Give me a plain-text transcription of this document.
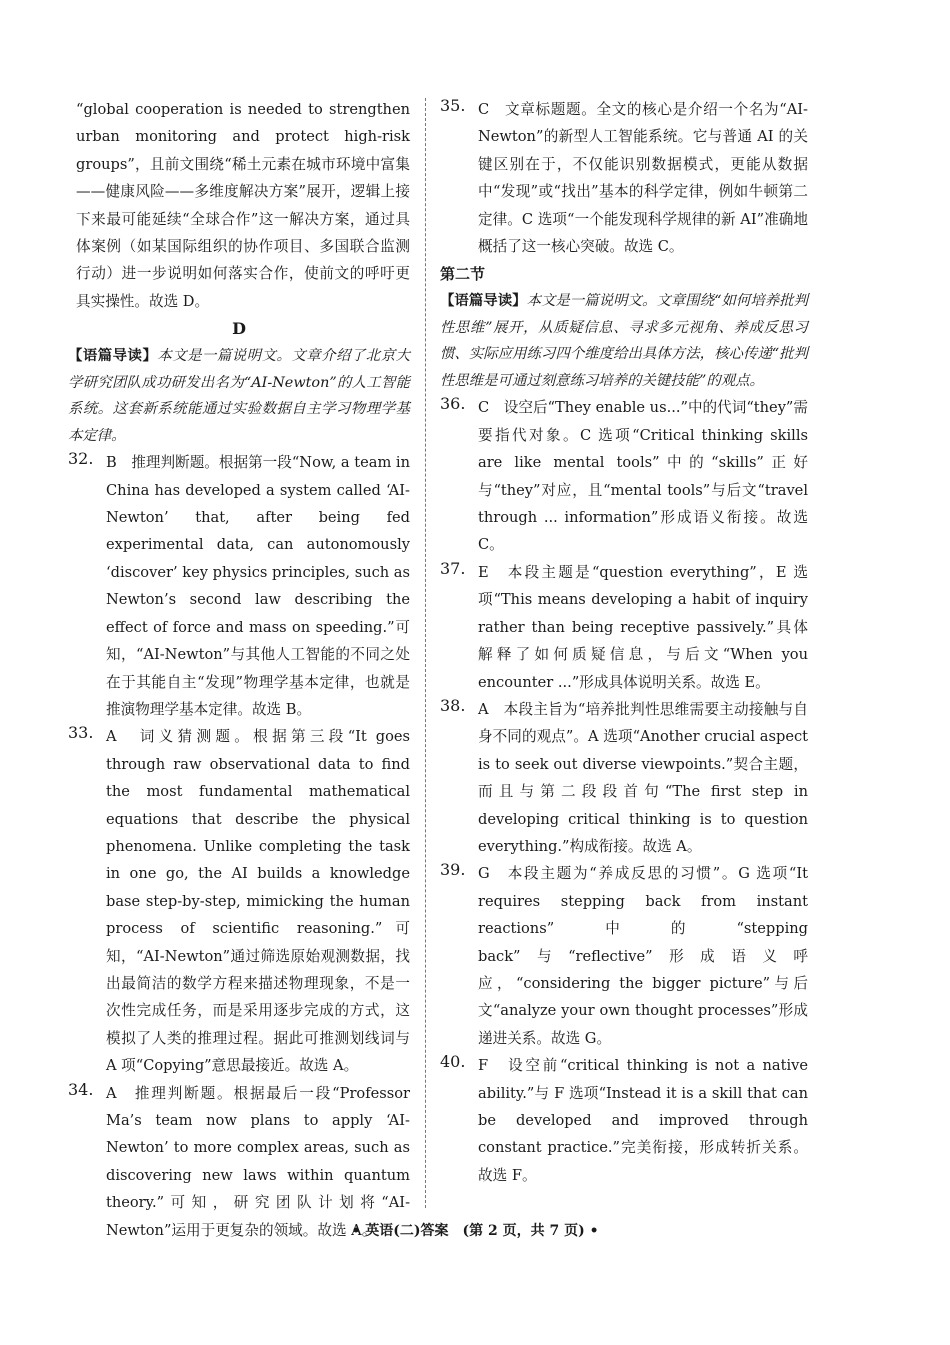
“global cooperation is needed to strengthen urban monitoring and protect high-risk groups”，且前文围绕“稀土元素在城市环境中富集——健康风险——多维度解决方案”展开，逻辑上接下来最可能延续“全球合作”这一解决方案，通过具体案例（如某国际组织的协作项目、多国联合监测行动）进一步说明如何落实合作，使前文的呼吁更具实操性。故选 D。

D

【语篇导读】本文是一篇说明文。文章介绍了北京大学研究团队成功研发出名为“AI-Newton”的人工智能系统。这套新系统能通过实验数据自主学习物理学基本定律。

32. B　推理判断题。根据第一段“Now, a team in China has developed a system called ‘AI-Newton’ that, after being fed experimental data, can autonomously ‘discover’ key physics principles, such as Newton’s second law describing the effect of force and mass on speeding.”可知，“AI-Newton”与其他人工智能的不同之处在于其能自主“发现”物理学基本定律，也就是推演物理学基本定律。故选 B。

33. A　词义猜测题。根据第三段“It goes through raw observational data to find the most fundamental mathematical equations that describe the physical phenomena. Unlike completing the task in one go, the AI builds a knowledge base step-by-step, mimicking the human process of scientific reasoning.”可知，“AI-Newton”通过筛选原始观测数据，找出最简洁的数学方程来描述物理现象，不是一次性完成任务，而是采用逐步完成的方式，这模拟了人类的推理过程。据此可推测划线词与 A 项“Copying”意思最接近。故选 A。

34. A　推理判断题。根据最后一段“Professor Ma’s team now plans to apply ‘AI-Newton’ to more complex areas, such as discovering new laws within quantum theory.”可知，研究团队计划将“AI-Newton”运用于更复杂的领域。故选 A。

35. C　文章标题题。全文的核心是介绍一个名为“AI-Newton”的新型人工智能系统。它与普通 AI 的关键区别在于，不仅能识别数据模式，更能从数据中“发现”或“找出”基本的科学定律，例如牛顿第二定律。C 选项“一个能发现科学规律的新 AI”准确地概括了这一核心突破。故选 C。

第二节

【语篇导读】本文是一篇说明文。文章围绕“如何培养批判性思维”展开，从质疑信息、寻求多元视角、养成反思习惯、实际应用练习四个维度给出具体方法，核心传递“批判性思维是可通过刻意练习培养的关键技能”的观点。

36. C　设空后“They enable us...”中的代词“they”需要指代对象。C 选项“Critical thinking skills are like mental tools”中的“skills”正好与“they”对应，且“mental tools”与后文“travel through ... information”形成语义衔接。故选 C。

37. E　本段主题是“question everything”，E 选项“This means developing a habit of inquiry rather than being receptive passively.”具体解释了如何质疑信息，与后文“When you encounter ...”形成具体说明关系。故选 E。

38. A　本段主旨为“培养批判性思维需要主动接触与自身不同的观点”。A 选项“Another crucial aspect is to seek out diverse viewpoints.”契合主题，而且与第二段段首句“The first step in developing critical thinking is to question everything.”构成衔接。故选 A。

39. G　本段主题为“养成反思的习惯”。G 选项“It requires stepping back from instant reactions”中的“stepping back”与“reflective”形成语义呼应，“considering the bigger picture”与后文“analyze your own thought processes”形成递进关系。故选 G。

40. F　设空前“critical thinking is not a native ability.”与 F 选项“Instead it is a skill that can be developed and improved through constant practice.”完美衔接，形成转折关系。故选 F。

• 英语(二)答案　(第 2 页，共 7 页) •
